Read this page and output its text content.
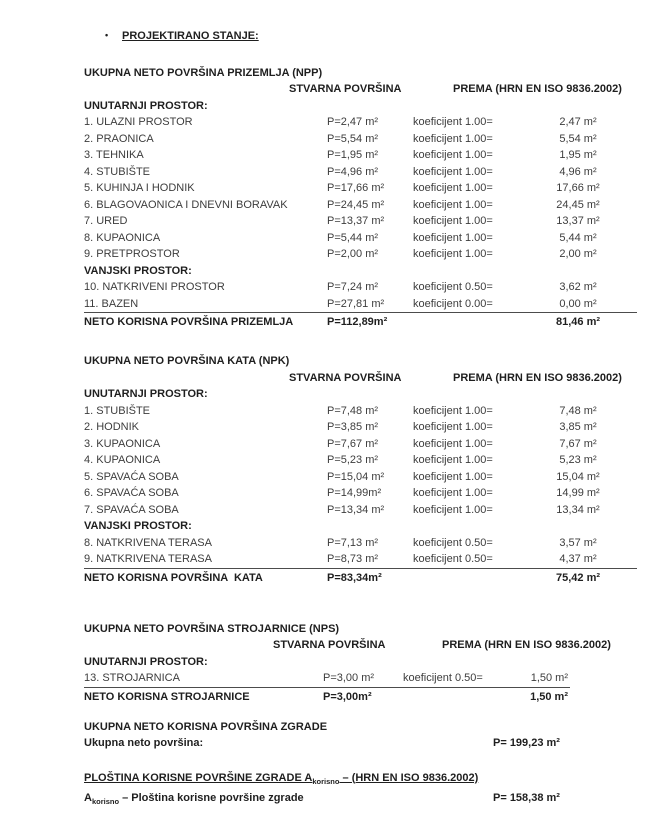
• PROJEKTIRANO STANJE:
UKUPNA NETO POVRŠINA PRIZEMLJA (NPP)
STVARNA POVRŠINA	PREMA (HRN EN ISO 9836.2002)
UNUTARNJI PROSTOR:
1. ULAZNI PROSTOR	P=2,47 m²	koeficijent 1.00=	2,47 m²
2. PRAONICA	P=5,54 m²	koeficijent 1.00=	5,54 m²
3. TEHNIKA	P=1,95 m²	koeficijent 1.00=	1,95 m²
4. STUBIŠTE	P=4,96 m²	koeficijent 1.00=	4,96 m²
5. KUHINJA I HODNIK	P=17,66 m²	koeficijent 1.00=	17,66 m²
6. BLAGOVAONICA I DNEVNI BORAVAK	P=24,45 m²	koeficijent 1.00=	24,45 m²
7. URED	P=13,37 m²	koeficijent 1.00=	13,37 m²
8. KUPAONICA	P=5,44 m²	koeficijent 1.00=	5,44 m²
9. PRETPROSTOR	P=2,00 m²	koeficijent 1.00=	2,00 m²
VANJSKI PROSTOR:
10. NATKRIVENI PROSTOR	P=7,24 m²	koeficijent 0.50=	3,62 m²
11. BAZEN	P=27,81 m²	koeficijent 0.00=	0,00 m²
NETO KORISNA POVRŠINA PRIZEMLJA	P=112,89m²	81,46 m²
UKUPNA NETO POVRŠINA KATA (NPK)
STVARNA POVRŠINA	PREMA (HRN EN ISO 9836.2002)
UNUTARNJI PROSTOR:
1. STUBIŠTE	P=7,48 m²	koeficijent 1.00=	7,48 m²
2. HODNIK	P=3,85 m²	koeficijent 1.00=	3,85 m²
3. KUPAONICA	P=7,67 m²	koeficijent 1.00=	7,67 m²
4. KUPAONICA	P=5,23 m²	koeficijent 1.00=	5,23 m²
5. SPAVAĆA SOBA	P=15,04 m²	koeficijent 1.00=	15,04 m²
6. SPAVAĆA SOBA	P=14,99m²	koeficijent 1.00=	14,99 m²
7. SPAVAĆA SOBA	P=13,34 m²	koeficijent 1.00=	13,34 m²
VANJSKI PROSTOR:
8. NATKRIVENA TERASA	P=7,13 m²	koeficijent 0.50=	3,57 m²
9. NATKRIVENA TERASA	P=8,73 m²	koeficijent 0.50=	4,37 m²
NETO KORISNA POVRŠINA  KATA	P=83,34m²	75,42 m²
UKUPNA NETO POVRŠINA STROJARNICE (NPS)
STVARNA POVRŠINA	PREMA (HRN EN ISO 9836.2002)
UNUTARNJI PROSTOR:
13. STROJARNICA	P=3,00 m²	koeficijent 0.50=	1,50 m²
NETO KORISNA STROJARNICE	P=3,00m²	1,50 m²
UKUPNA NETO KORISNA POVRŠINA ZGRADE
Ukupna neto površina:	P= 199,23 m²
PLOŠTINA KORISNE POVRŠINE ZGRADE $A_{korisno} - (HRN$ EN ISO 9836.2002)
$A_{korisno}$ – Ploština korisne površine zgrade	P= 158,38 m²
